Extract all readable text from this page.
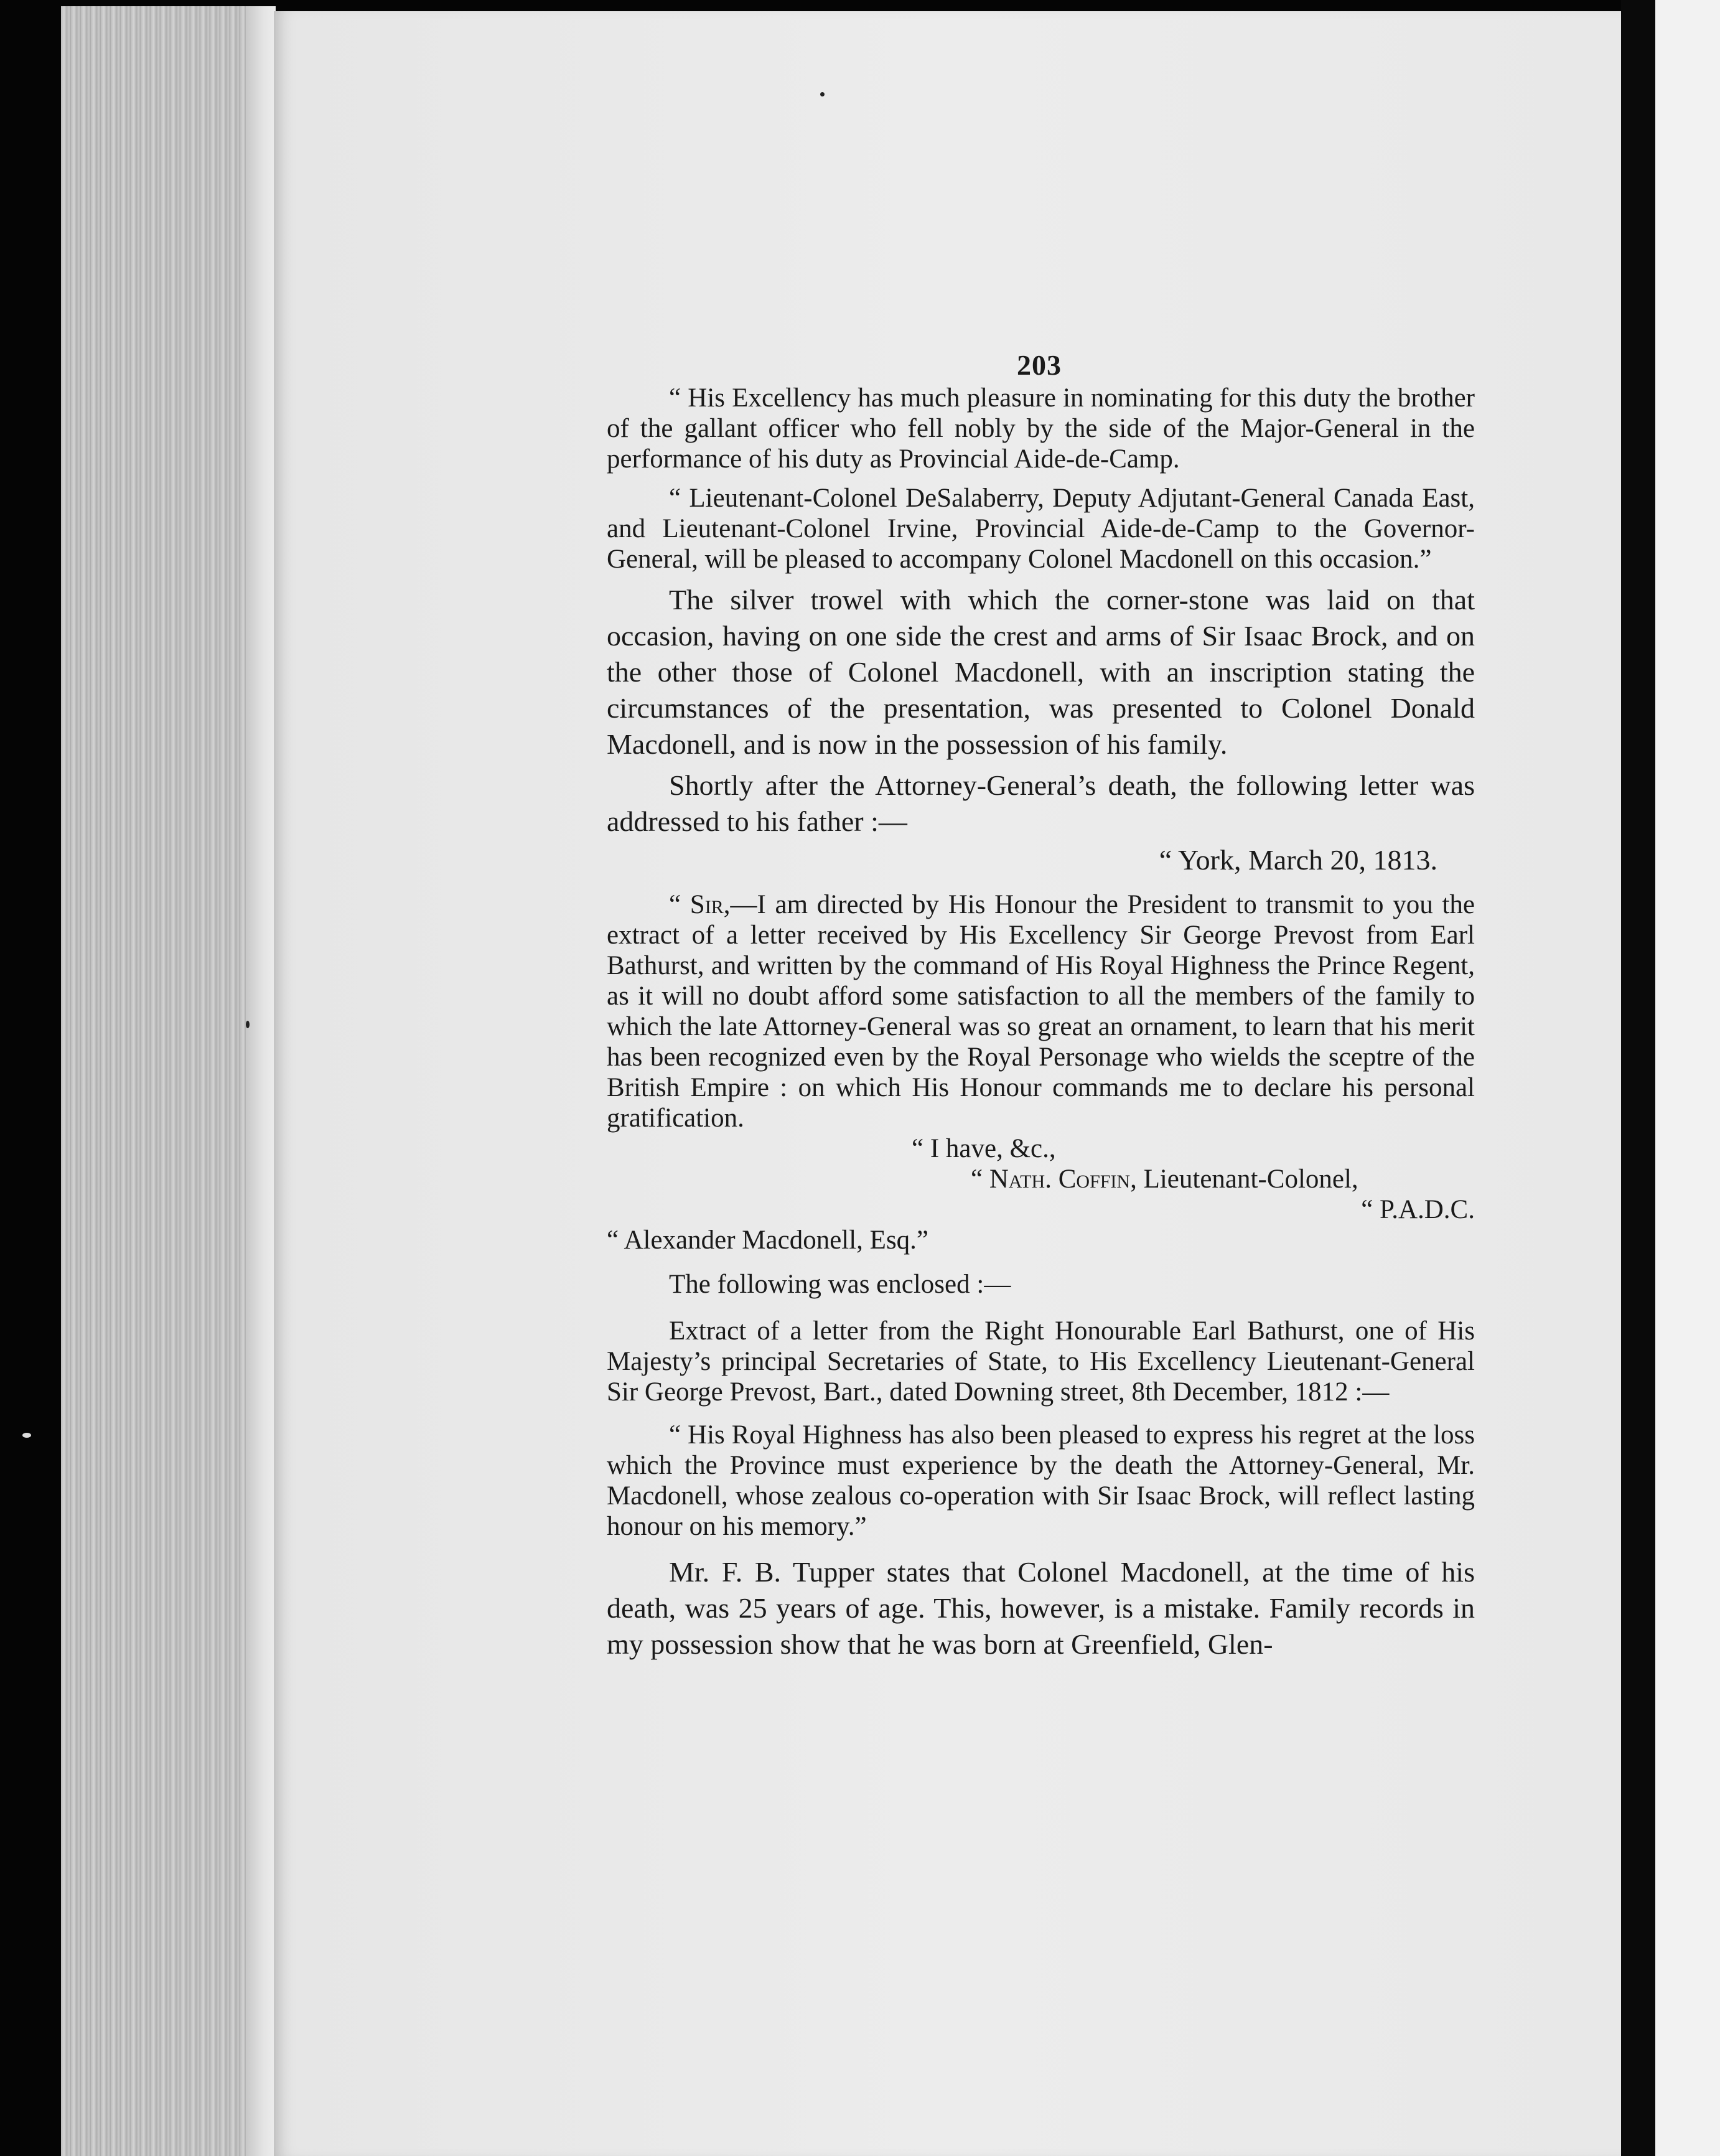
203

“ His Excellency has much pleasure in nominating for this duty the brother of the gallant officer who fell nobly by the side of the Major-General in the performance of his duty as Provincial Aide-de-Camp.

“ Lieutenant-Colonel DeSalaberry, Deputy Adjutant-General Canada East, and Lieutenant-Colonel Irvine, Provincial Aide-de-Camp to the Governor-General, will be pleased to accompany Colonel Macdonell on this occasion.”

The silver trowel with which the corner-stone was laid on that occasion, having on one side the crest and arms of Sir Isaac Brock, and on the other those of Colonel Macdonell, with an inscription stating the circumstances of the presentation, was presented to Colonel Donald Macdonell, and is now in the possession of his family.

Shortly after the Attorney-General’s death, the following letter was addressed to his father :—

“ York, March 20, 1813.

“ Sir,—I am directed by His Honour the President to transmit to you the extract of a letter received by His Excellency Sir George Prevost from Earl Bathurst, and written by the command of His Royal Highness the Prince Regent, as it will no doubt afford some satisfaction to all the members of the family to which the late Attorney-General was so great an ornament, to learn that his merit has been recognized even by the Royal Personage who wields the sceptre of the British Empire : on which His Honour commands me to declare his personal gratification.

“ I have, &c.,

“ Nath. Coffin, Lieutenant-Colonel,

“ P.A.D.C.

“ Alexander Macdonell, Esq.”

The following was enclosed :—

Extract of a letter from the Right Honourable Earl Bathurst, one of His Majesty’s principal Secretaries of State, to His Excellency Lieutenant-General Sir George Prevost, Bart., dated Downing street, 8th December, 1812 :—

“ His Royal Highness has also been pleased to express his regret at the loss which the Province must experience by the death the Attorney-General, Mr. Macdonell, whose zealous co-operation with Sir Isaac Brock, will reflect lasting honour on his memory.”

Mr. F. B. Tupper states that Colonel Macdonell, at the time of his death, was 25 years of age. This, however, is a mistake. Family records in my possession show that he was born at Greenfield, Glen-
